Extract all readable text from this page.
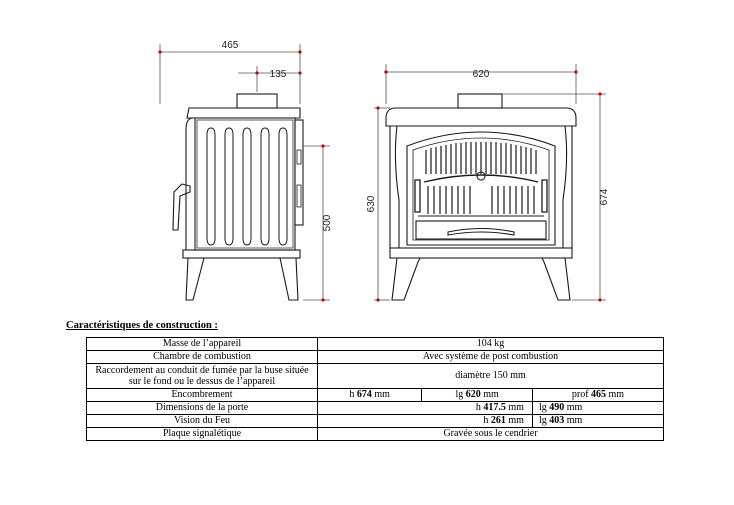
465
135
500
620
630	674
Caractéristiques de construction :
Masse de l’appareil	104 kg		
Chambre de combustion	Avec système de post combustion		
Raccordement au conduit de fumée par la buse située sur le fond ou le dessus de l’appareil	diamètre 150 mm		
Encombrement	h 674 mm	lg 620 mm	prof 465 mm
Dimensions de la porte	h 417.5 mm		lg 490 mm
Vision du Feu	h 261 mm		lg 403 mm
Plaque signalétique	Gravée sous le cendrier		
